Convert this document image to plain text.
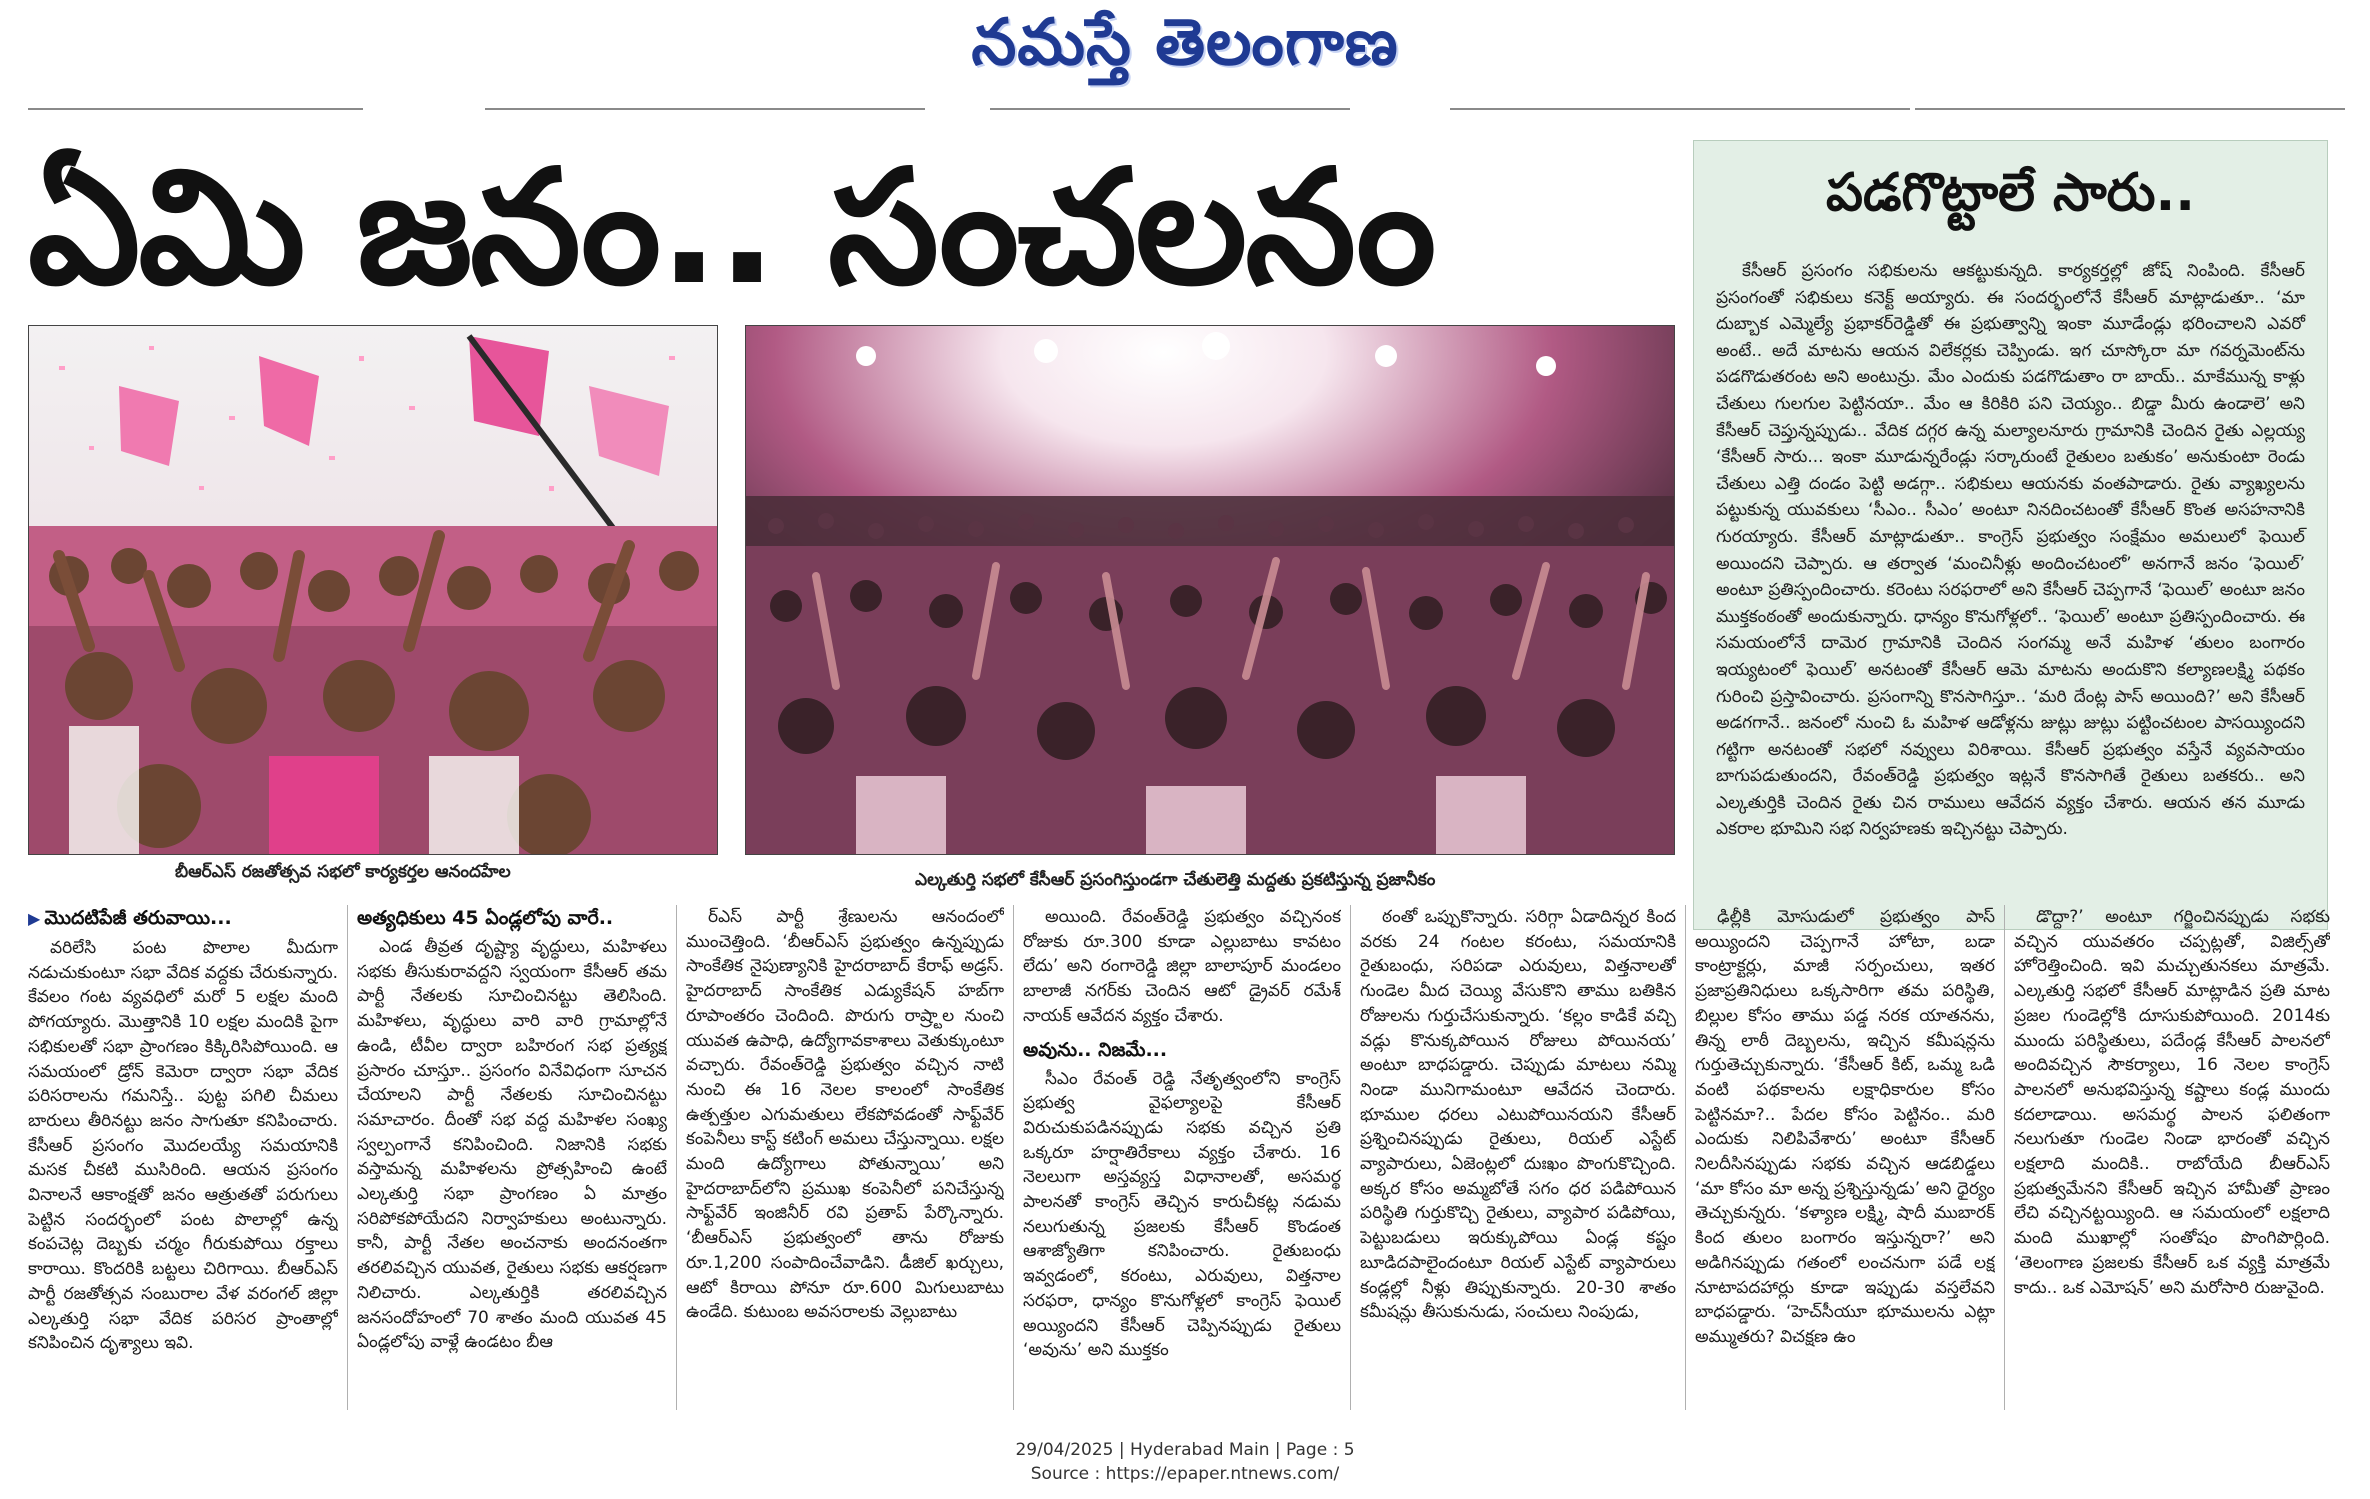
నమస్తే తెలంగాణ
ఏమి జనం.. సంచలనం
బీఆర్ఎస్ రజతోత్సవ సభలో కార్యకర్తల ఆనందహేల	ఎల్కతుర్తి సభలో కేసీఆర్ ప్రసంగిస్తుండగా చేతులెత్తి మద్దతు ప్రకటిస్తున్న ప్రజానీకం
పడగొట్టాలే సారు..
కేసీఆర్ ప్రసంగం సభికులను ఆకట్టుకున్నది. కార్యకర్తల్లో జోష్ నింపింది. కేసీఆర్ ప్రసంగంతో సభికులు కనెక్ట్ అయ్యారు. ఈ సందర్భంలోనే కేసీఆర్ మాట్లాడుతూ.. ‘మా దుబ్బాక ఎమ్మెల్యే ప్రభాకర్‌రెడ్డితో ఈ ప్రభుత్వాన్ని ఇంకా మూడేండ్లు భరించాలని ఎవరో అంటే.. అదే మాటను ఆయన విలేకర్లకు చెప్పిండు. ఇగ చూస్కోరా మా గవర్నమెంట్‌ను పడగొడుతరంట అని అంటున్రు. మేం ఎందుకు పడగొడుతాం రా బాయ్.. మాకేమున్న కాళ్లు చేతులు గులగుల పెట్టినయా.. మేం ఆ కిరికిరి పని చెయ్యం.. బిడ్డా మీరు ఉండాలె’ అని కేసీఆర్ చెప్తున్నప్పుడు.. వేదిక దగ్గర ఉన్న మల్యాలనూరు గ్రామానికి చెందిన రైతు ఎల్లయ్య ‘కేసీఆర్ సారు... ఇంకా మూడున్నరేండ్లు సర్కారుంటే రైతులం బతుకం’ అనుకుంటా రెండు చేతులు ఎత్తి దండం పెట్టి అడగ్గా.. సభికులు ఆయనకు వంతపాడారు. రైతు వ్యాఖ్యలను పట్టుకున్న యువకులు ‘సీఎం.. సీఎం’ అంటూ నినదించటంతో కేసీఆర్ కొంత అసహనానికి గురయ్యారు. కేసీఆర్ మాట్లాడుతూ.. కాంగ్రెస్ ప్రభుత్వం సంక్షేమం అమలులో ఫెయిల్ అయిందని చెప్పారు. ఆ తర్వాత ‘మంచినీళ్లు అందించటంలో’ అనగానే జనం ‘ఫెయిల్’ అంటూ ప్రతిస్పందించారు. కరెంటు సరఫరాలో అని కేసీఆర్ చెప్పగానే ‘ఫెయిల్’ అంటూ జనం ముక్తకంఠంతో అందుకున్నారు. ధాన్యం కొనుగోళ్లలో.. ‘ఫెయిల్’ అంటూ ప్రతిస్పందించారు. ఈ సమయంలోనే దామెర గ్రామానికి చెందిన సంగమ్మ అనే మహిళ ‘తులం బంగారం ఇయ్యటంలో ఫెయిల్’ అనటంతో కేసీఆర్ ఆమె మాటను అందుకొని కల్యాణలక్ష్మి పథకం గురించి ప్రస్తావించారు. ప్రసంగాన్ని కొనసాగిస్తూ.. ‘మరి దేంట్ల పాస్ అయింది?’ అని కేసీఆర్ అడగగానే.. జనంలో నుంచి ఓ మహిళ ఆడోళ్లను జుట్లు జుట్లు పట్టించటంల పాసయ్యిందని గట్టిగా అనటంతో సభలో నవ్వులు విరిశాయి. కేసీఆర్ ప్రభుత్వం వస్తేనే వ్యవసాయం బాగుపడుతుందని, రేవంత్‌రెడ్డి ప్రభుత్వం ఇట్లనే కొనసాగితే రైతులు బతకరు.. అని ఎల్కతుర్తికి చెందిన రైతు చిన రాములు ఆవేదన వ్యక్తం చేశారు. ఆయన తన మూడు ఎకరాల భూమిని సభ నిర్వహణకు ఇచ్చినట్టు చెప్పారు.
▶ మొదటిపేజీ తరువాయి...
వరిలేసి పంట పొలాల మీదుగా నడుచుకుంటూ సభా వేదిక వద్దకు చేరుకున్నారు. కేవలం గంట వ్యవధిలో మరో 5 లక్షల మంది పోగయ్యారు. మొత్తానికి 10 లక్షల మందికి పైగా సభికులతో సభా ప్రాంగణం కిక్కిరిసిపోయింది. ఆ సమయంలో డ్రోన్ కెమెరా ద్వారా సభా వేదిక పరిసరాలను గమనిస్తే.. పుట్ట పగిలి చీమలు బారులు తీరినట్టు జనం సాగుతూ కనిపించారు. కేసీఆర్ ప్రసంగం మొదలయ్యే సమయానికి మసక చీకటి ముసిరింది. ఆయన ప్రసంగం వినాలనే ఆకాంక్షతో జనం ఆత్రుతతో పరుగులు పెట్టిన సందర్భంలో పంట పొలాల్లో ఉన్న కంపచెట్ల దెబ్బకు చర్మం గీరుకుపోయి రక్తాలు కారాయి. కొందరికి బట్టలు చిరిగాయి. బీఆర్ఎస్ పార్టీ రజతోత్సవ సంబురాల వేళ వరంగల్ జిల్లా ఎల్కతుర్తి సభా వేదిక పరిసర ప్రాంతాల్లో కనిపించిన దృశ్యాలు ఇవి.
అత్యధికులు 45 ఏండ్లలోపు వారే..
ఎండ తీవ్రత దృష్ట్యా వృద్ధులు, మహిళలు సభకు తీసుకురావద్దని స్వయంగా కేసీఆర్ తమ పార్టీ నేతలకు సూచించినట్టు తెలిసింది. మహిళలు, వృద్ధులు వారి వారి గ్రామాల్లోనే ఉండి, టీవీల ద్వారా బహిరంగ సభ ప్రత్యక్ష ప్రసారం చూస్తూ.. ప్రసంగం వినేవిధంగా సూచన చేయాలని పార్టీ నేతలకు సూచించినట్టు సమాచారం. దీంతో సభ వద్ద మహిళల సంఖ్య స్వల్పంగానే కనిపించింది. నిజానికి సభకు వస్తామన్న మహిళలను ప్రోత్సహించి ఉంటే ఎల్కతుర్తి సభా ప్రాంగణం ఏ మాత్రం సరిపోకపోయేదని నిర్వాహకులు అంటున్నారు. కానీ, పార్టీ నేతల అంచనాకు అందనంతగా తరలివచ్చిన యువత, రైతులు సభకు ఆకర్షణగా నిలిచారు. ఎల్కతుర్తికి తరలివచ్చిన జనసందోహంలో 70 శాతం మంది యువత 45 ఏండ్లలోపు వాళ్లే ఉండటం బీఆ
ర్ఎస్ పార్టీ శ్రేణులను ఆనందంలో ముంచెత్తింది. ‘బీఆర్ఎస్ ప్రభుత్వం ఉన్నప్పుడు సాంకేతిక నైపుణ్యానికి హైదరాబాద్ కేరాఫ్ అడ్రస్. హైదరాబాద్ సాంకేతిక ఎడ్యుకేషన్ హబ్‌గా రూపాంతరం చెందింది. పొరుగు రాష్ర్టాల నుంచి యువత ఉపాధి, ఉద్యోగావకాశాలు వెతుక్కుంటూ వచ్చారు. రేవంత్‌రెడ్డి ప్రభుత్వం వచ్చిన నాటి నుంచి ఈ 16 నెలల కాలంలో సాంకేతిక ఉత్పత్తుల ఎగుమతులు లేకపోవడంతో సాఫ్ట్‌వేర్ కంపెనీలు కాస్ట్ కటింగ్ అమలు చేస్తున్నాయి. లక్షల మంది ఉద్యోగాలు పోతున్నాయి’ అని హైదరాబాద్‌లోని ప్రముఖ కంపెనీలో పనిచేస్తున్న సాఫ్ట్‌వేర్ ఇంజినీర్ రవి ప్రతాప్ పేర్కొన్నారు. ‘బీఆర్ఎస్ ప్రభుత్వంలో తాను రోజుకు రూ.1,200 సంపాదించేవాడిని. డీజిల్ ఖర్చులు, ఆటో కిరాయి పోనూ రూ.600 మిగులుబాటు ఉండేది. కుటుంబ అవసరాలకు వెల్లుబాటు
అయింది. రేవంత్‌రెడ్డి ప్రభుత్వం వచ్చినంక రోజుకు రూ.300 కూడా ఎల్లుబాటు కావటం లేదు’ అని రంగారెడ్డి జిల్లా బాలాపూర్ మండలం బాలాజీ నగర్‌కు చెందిన ఆటో డ్రైవర్ రమేశ్ నాయక్ ఆవేదన వ్యక్తం చేశారు.
అవును.. నిజమే...
సీఎం రేవంత్ రెడ్డి నేతృత్వంలోని కాంగ్రెస్ ప్రభుత్వ వైఫల్యాలపై కేసీఆర్ విరుచుకుపడినప్పుడు సభకు వచ్చిన ప్రతి ఒక్కరూ హర్షాతిరేకాలు వ్యక్తం చేశారు. 16 నెలలుగా అస్తవ్యస్త విధానాలతో, అసమర్థ పాలనతో కాంగ్రెస్ తెచ్చిన కారుచీకట్ల నడుమ నలుగుతున్న ప్రజలకు కేసీఆర్ కొండంత ఆశాజ్యోతిగా కనిపించారు. రైతుబంధు ఇవ్వడంలో, కరంటు, ఎరువులు, విత్తనాల సరఫరా, ధాన్యం కొనుగోళ్లలో కాంగ్రెస్ ఫెయిల్ అయ్యిందని కేసీఆర్ చెప్పినప్పుడు రైతులు ‘అవును’ అని ముక్తకం
ఠంతో ఒప్పుకొన్నారు. సరిగ్గా ఏడాదిన్నర కింద వరకు 24 గంటల కరంటు, సమయానికి రైతుబంధు, సరిపడా ఎరువులు, విత్తనాలతో గుండెల మీద చెయ్యి వేసుకొని తాము బతికిన రోజులను గుర్తుచేసుకున్నారు. ‘కల్లం కాడికే వచ్చి వడ్లు కొనుక్కపోయిన రోజులు పోయినయ’ అంటూ బాధపడ్డారు. చెప్పుడు మాటలు నమ్మి నిండా మునిగామంటూ ఆవేదన చెందారు. భూముల ధరలు ఎటుపోయినయని కేసీఆర్ ప్రశ్నించినప్పుడు రైతులు, రియల్ ఎస్టేట్ వ్యాపారులు, ఏజెంట్లలో దుఃఖం పొంగుకొచ్చింది. అక్కర కోసం అమ్మబోతే సగం ధర పడిపోయిన పరిస్థితి గుర్తుకొచ్చి రైతులు, వ్యాపార పడిపోయి, పెట్టుబడులు ఇరుక్కుపోయి ఏండ్ల కష్టం బూడిదపాలైందంటూ రియల్ ఎస్టేట్ వ్యాపారులు కండ్లల్లో నీళ్లు తిప్పుకున్నారు. 20-30 శాతం కమీషన్లు తీసుకునుడు, సంచులు నింపుడు,
ఢిల్లీకి మోసుడులో ప్రభుత్వం పాస్ అయ్యిందని చెప్పగానే హోటా, బడా కాంట్రాక్టర్లు, మాజీ సర్పంచులు, ఇతర ప్రజాప్రతినిధులు ఒక్కసారిగా తమ పరిస్థితి, బిల్లుల కోసం తాము పడ్డ నరక యాతనను, తిన్న లాఠీ దెబ్బలను, ఇచ్చిన కమీషన్లను గుర్తుతెచ్చుకున్నారు. ‘కేసీఆర్ కిట్, ఒమ్మ ఒడి వంటి పథకాలను లక్షాధికారుల కోసం పెట్టినమా?.. పేదల కోసం పెట్టినం.. మరి ఎందుకు నిలిపివేశారు’ అంటూ కేసీఆర్ నిలదీసినప్పుడు సభకు వచ్చిన ఆడబిడ్డలు ‘మా కోసం మా అన్న ప్రశ్నిస్తున్నడు’ అని ధైర్యం తెచ్చుకున్నరు. ‘కళ్యాణ లక్ష్మి, షాదీ ముబారక్ కింద తులం బంగారం ఇస్తున్నరా?’ అని అడిగినప్పుడు గతంలో లంచనుగా పడే లక్ష నూటాపదహార్లు కూడా ఇప్పుడు వస్తలేవని బాధపడ్డారు. ‘హెచ్‌సీయూ భూములను ఎట్లా అమ్ముతరు? విచక్షణ ఉం
డొద్దా?’ అంటూ గర్జించినప్పుడు సభకు వచ్చిన యువతరం చప్పట్లతో, విజిల్స్‌తో హోరెత్తించింది. ఇవి మచ్చుతునకలు మాత్రమే. ఎల్కతుర్తి సభలో కేసీఆర్ మాట్లాడిన ప్రతి మాట ప్రజల గుండెల్లోకి దూసుకుపోయింది. 2014కు ముందు పరిస్థితులు, పదేండ్ల కేసీఆర్ పాలనలో అందివచ్చిన సౌకర్యాలు, 16 నెలల కాంగ్రెస్ పాలనలో అనుభవిస్తున్న కష్టాలు కండ్ల ముందు కదలాడాయి. అసమర్థ పాలన ఫలితంగా నలుగుతూ గుండెల నిండా భారంతో వచ్చిన లక్షలాది మందికి.. రాబోయేది బీఆర్ఎస్ ప్రభుత్వమేనని కేసీఆర్ ఇచ్చిన హామీతో ప్రాణం లేచి వచ్చినట్టయ్యింది. ఆ సమయంలో లక్షలాది మంది ముఖాల్లో సంతోషం పొంగిపొర్లింది. ‘తెలంగాణ ప్రజలకు కేసీఆర్ ఒక వ్యక్తి మాత్రమే కాదు.. ఒక ఎమోషన్’ అని మరోసారి రుజువైంది.
29/04/2025 | Hyderabad Main | Page : 5
Source : https://epaper.ntnews.com/
